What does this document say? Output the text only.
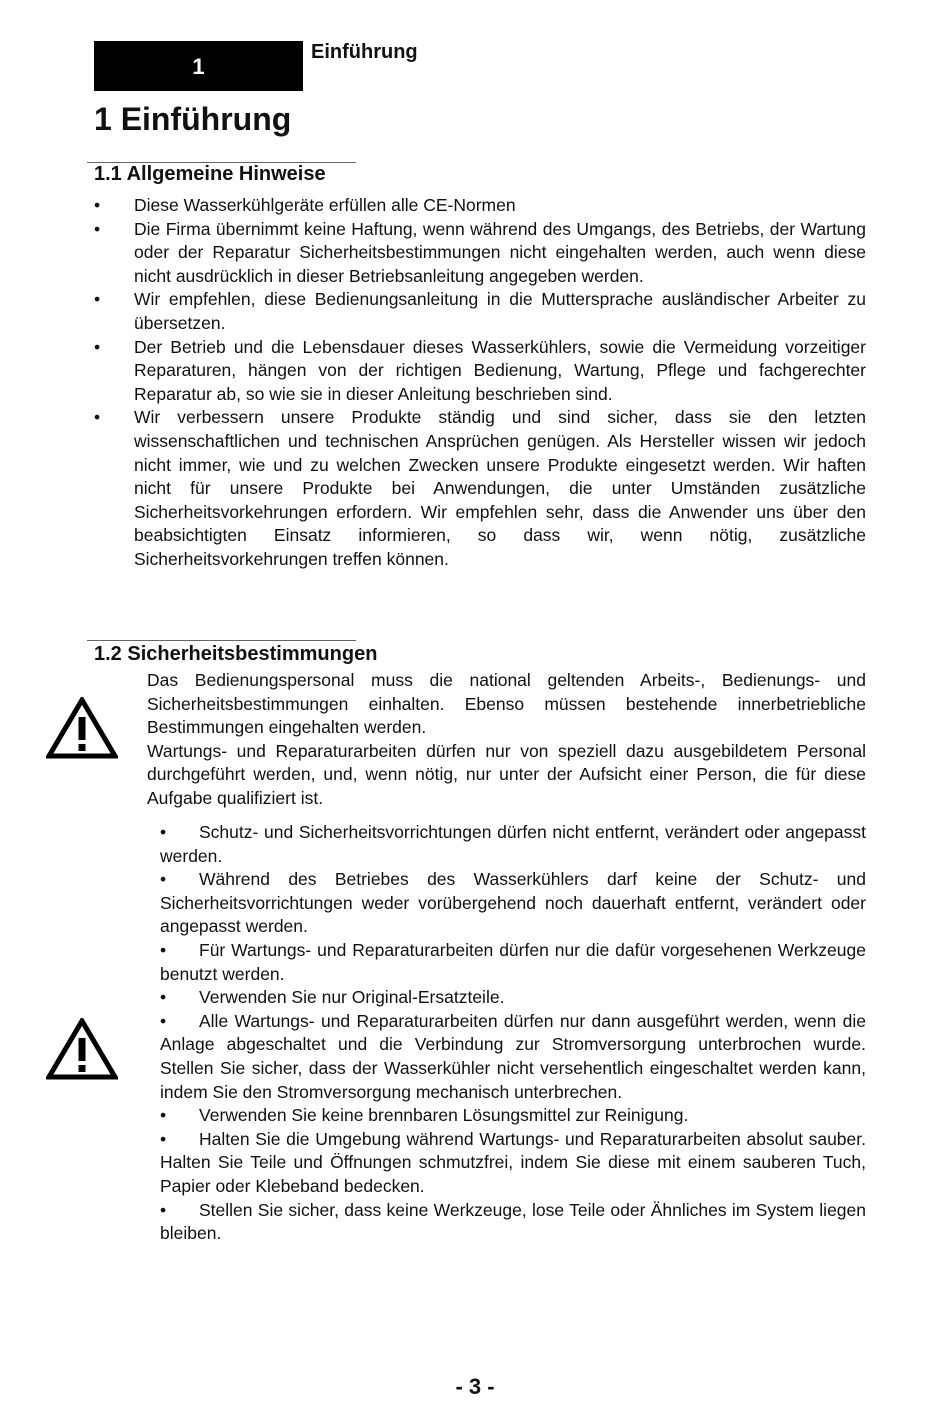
1
Einführung
1 Einführung
1.1 Allgemeine Hinweise
• Diese Wasserkühlgeräte erfüllen alle CE-Normen
• Die Firma übernimmt keine Haftung, wenn während des Umgangs, des Betriebs, der Wartung oder der Reparatur Sicherheitsbestimmungen nicht eingehalten werden, auch wenn diese nicht ausdrücklich in dieser Betriebsanleitung angegeben werden.
• Wir empfehlen, diese Bedienungsanleitung in die Muttersprache ausländischer Arbeiter zu übersetzen.
• Der Betrieb und die Lebensdauer dieses Wasserkühlers, sowie die Vermeidung vorzeitiger Reparaturen, hängen von der richtigen Bedienung, Wartung, Pflege und fachgerechter Reparatur ab, so wie sie in dieser Anleitung beschrieben sind.
• Wir verbessern unsere Produkte ständig und sind sicher, dass sie den letzten wissenschaftlichen und technischen Ansprüchen genügen. Als Hersteller wissen wir jedoch nicht immer, wie und zu welchen Zwecken unsere Produkte eingesetzt werden. Wir haften nicht für unsere Produkte bei Anwendungen, die unter Umständen zusätzliche Sicherheitsvorkehrungen erfordern. Wir empfehlen sehr, dass die Anwender uns über den beabsichtigten Einsatz informieren, so dass wir, wenn nötig, zusätzliche Sicherheitsvorkehrungen treffen können.
1.2 Sicherheitsbestimmungen

Das Bedienungspersonal muss die national geltenden Arbeits-, Bedienungs- und Sicherheitsbestimmungen einhalten. Ebenso müssen bestehende innerbetriebliche Bestimmungen eingehalten werden.

Wartungs- und Reparaturarbeiten dürfen nur von speziell dazu ausgebildetem Personal durchgeführt werden, und, wenn nötig, nur unter der Aufsicht einer Person, die für diese Aufgabe qualifiziert ist.

• Schutz- und Sicherheitsvorrichtungen dürfen nicht entfernt, verändert oder angepasst werden.
• Während des Betriebes des Wasserkühlers darf keine der Schutz- und Sicherheitsvorrichtungen weder vorübergehend noch dauerhaft entfernt, verändert oder angepasst werden.
• Für Wartungs- und Reparaturarbeiten dürfen nur die dafür vorgesehenen Werkzeuge benutzt werden.
• Verwenden Sie nur Original-Ersatzteile.
• Alle Wartungs- und Reparaturarbeiten dürfen nur dann ausgeführt werden, wenn die Anlage abgeschaltet und die Verbindung zur Stromversorgung unterbrochen wurde. Stellen Sie sicher, dass der Wasserkühler nicht versehentlich eingeschaltet werden kann, indem Sie den Stromversorgung mechanisch unterbrechen.
• Verwenden Sie keine brennbaren Lösungsmittel zur Reinigung.
• Halten Sie die Umgebung während Wartungs- und Reparaturarbeiten absolut sauber. Halten Sie Teile und Öffnungen schmutzfrei, indem Sie diese mit einem sauberen Tuch, Papier oder Klebeband bedecken.
• Stellen Sie sicher, dass keine Werkzeuge, lose Teile oder Ähnliches im System liegen bleiben.
- 3 -
